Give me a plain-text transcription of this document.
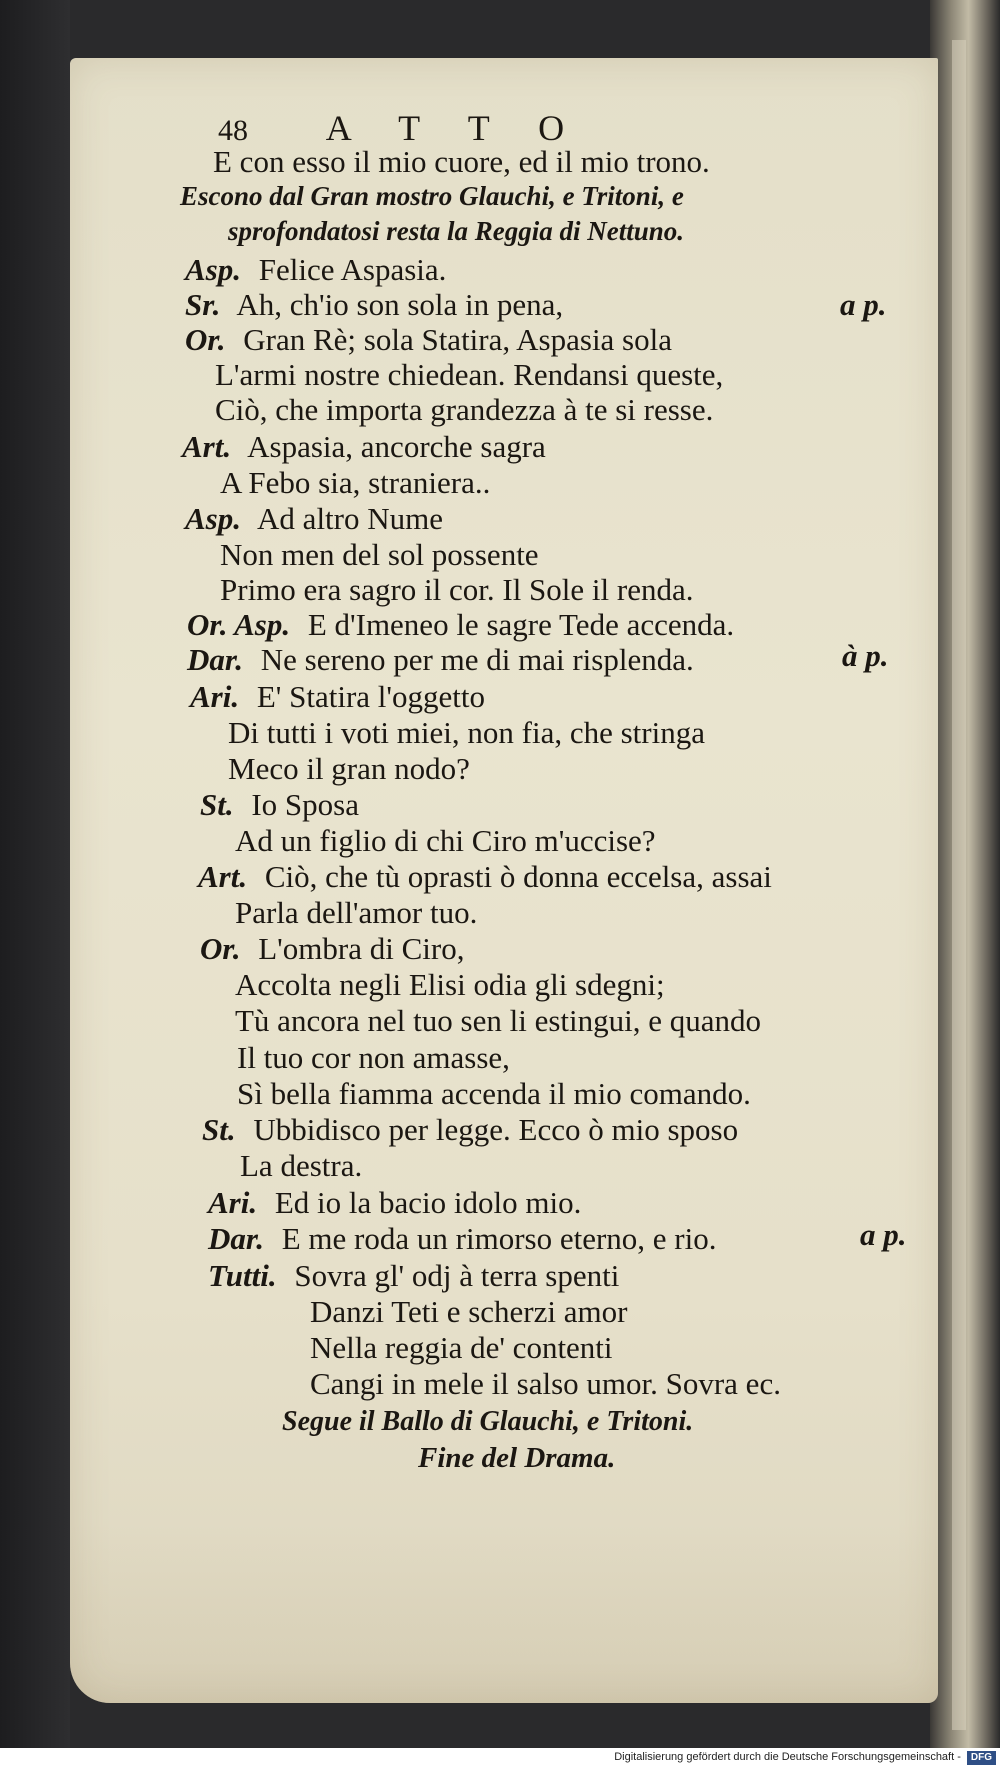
48 A T T O
E con esso il mio cuore, ed il mio trono.
Escono dal Gran mostro Glauchi, e Tritoni, e
sprofondatosi resta la Reggia di Nettuno.
Asp. Felice Aspasia.
Sr. Ah, ch'io son sola in pena,	a p.
Or. Gran Rè; sola Statira, Aspasia sola
L'armi nostre chiedean. Rendansi queste,
Ciò, che importa grandezza à te si resse.
Art. Aspasia, ancorche sagra
A Febo sia, straniera..
Asp. Ad altro Nume
Non men del sol possente
Primo era sagro il cor. Il Sole il renda.
Or. Asp. E d'Imeneo le sagre Tede accenda.
Dar. Ne sereno per me di mai risplenda.	à p.
Ari. E' Statira l'oggetto
Di tutti i voti miei, non fia, che stringa
Meco il gran nodo?
St. Io Sposa
Ad un figlio di chi Ciro m'uccise?
Art. Ciò, che tù oprasti ò donna eccelsa, assai
Parla dell'amor tuo.
Or. L'ombra di Ciro,
Accolta negli Elisi odia gli sdegni;
Tù ancora nel tuo sen li estingui, e quando
Il tuo cor non amasse,
Sì bella fiamma accenda il mio comando.
St. Ubbidisco per legge. Ecco ò mio sposo
La destra.
Ari. Ed io la bacio idolo mio.
Dar. E me roda un rimorso eterno, e rio.	a p.
Tutti. Sovra gl' odj à terra spenti
Danzi Teti e scherzi amor
Nella reggia de' contenti
Cangi in mele il salso umor. Sovra ec.
Segue il Ballo di Glauchi, e Tritoni.
Fine del Drama.
Digitalisierung gefördert durch die Deutsche Forschungsgemeinschaft - DFG
